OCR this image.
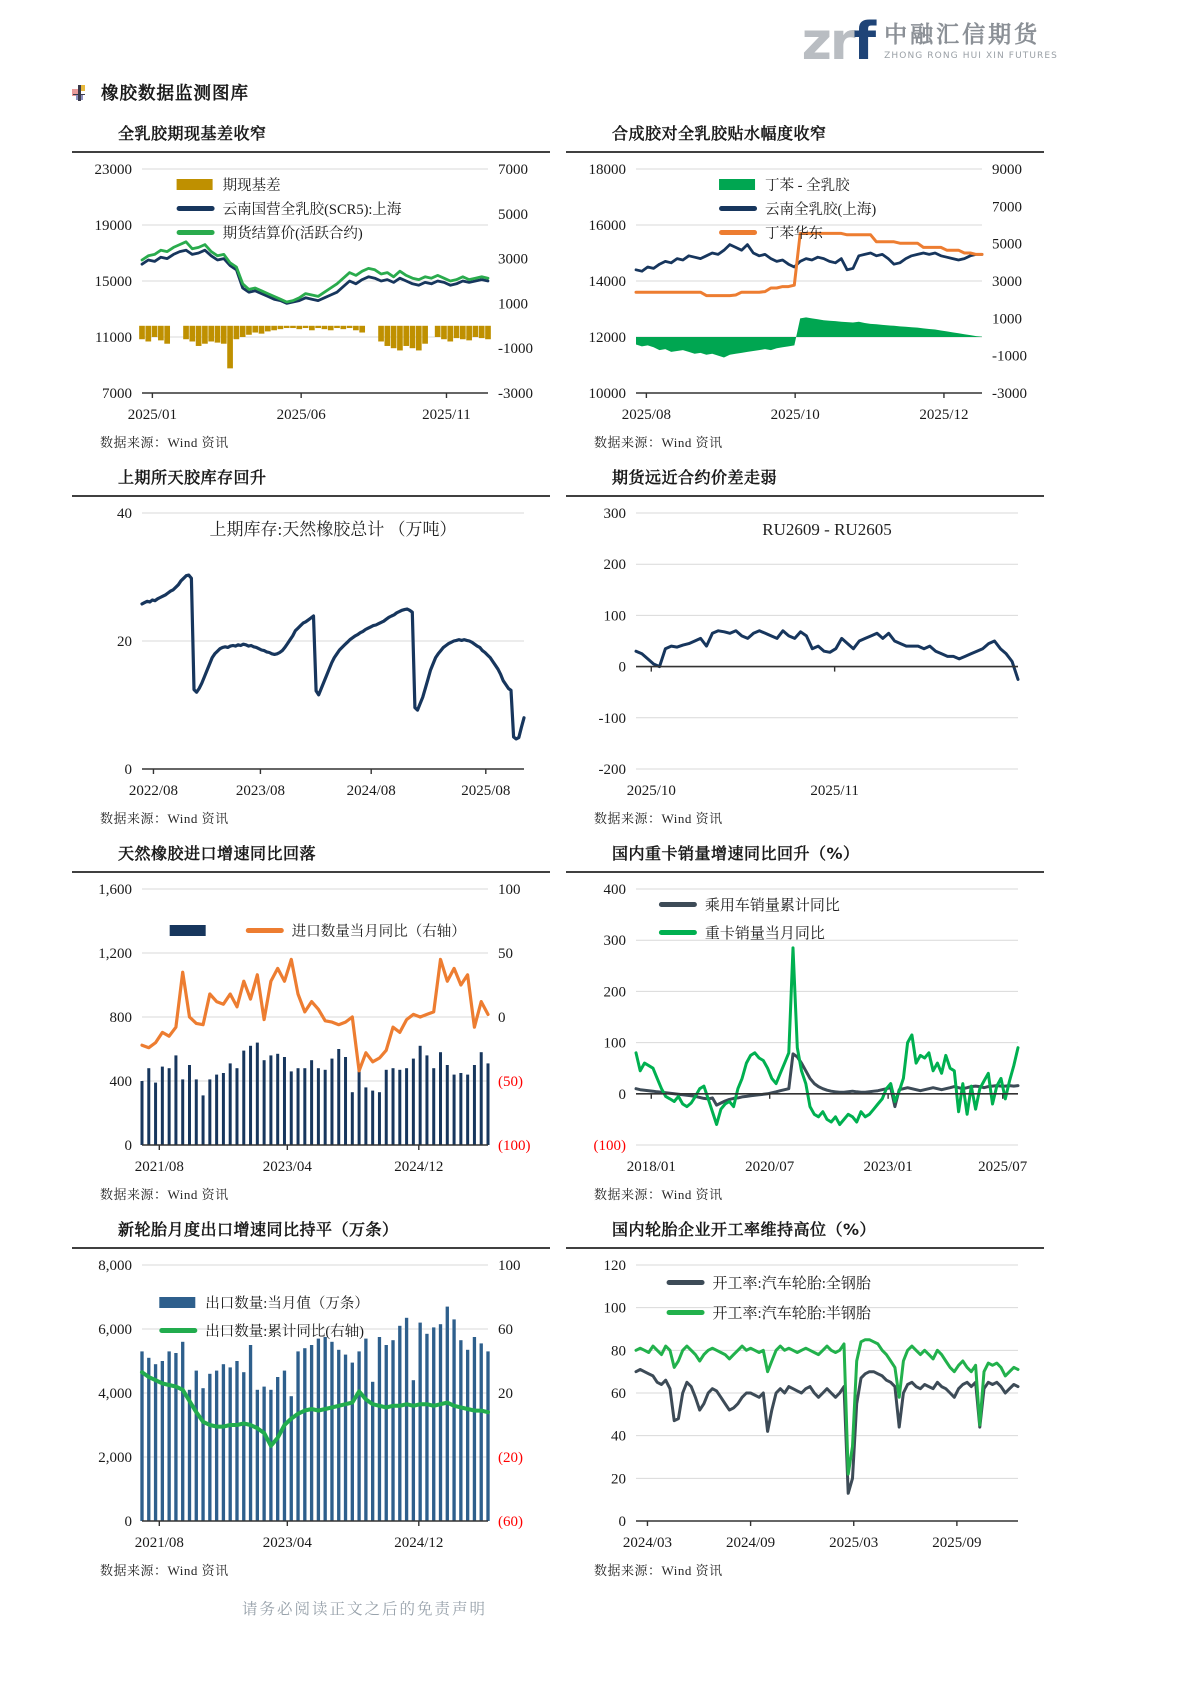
zrf 中融汇信期货
ZHONG RONG HUI XIN FUTURES
橡胶数据监测图库
全乳胶期现基差收窄
23000
19000
15000
11000
7000
7000
5000
3000
1000
-1000
-3000
2025/01	2025/06	2025/11
期现基差
云南国营全乳胶(SCR5):上海
期货结算价(活跃合约)
数据来源：Wind 资讯
合成胶对全乳胶贴水幅度收窄
18000
16000
14000
12000
10000
9000
7000
5000
3000
1000
-1000
-3000
2025/08	2025/10	2025/12
丁苯 - 全乳胶
云南全乳胶(上海)
丁苯华东
数据来源：Wind 资讯
上期所天胶库存回升
40
20
0
2022/08	2023/08	2024/08	2025/08
上期库存:天然橡胶总计 （万吨）
数据来源：Wind 资讯
期货远近合约价差走弱
300
200
100
0
-100
-200
2025/10	2025/11
RU2609 - RU2605
数据来源：Wind 资讯
天然橡胶进口增速同比回落
1,600
1,200
800
400
0
100
50
0
(50)
(100)
2021/08	2023/04	2024/12
进口数量当月同比（右轴）
数据来源：Wind 资讯
国内重卡销量增速同比回升（%）
400
300
200
100
0
(100)
2018/01	2020/07	2023/01	2025/07
乘用车销量累计同比
重卡销量当月同比
数据来源：Wind 资讯
新轮胎月度出口增速同比持平（万条）
8,000
6,000
4,000
2,000
0
100
60
20
(20)
(60)
2021/08	2023/04	2024/12
出口数量:当月值（万条）
出口数量:累计同比(右轴)
数据来源：Wind 资讯
国内轮胎企业开工率维持高位（%）
120
100
80
60
40
20
0
2024/03	2024/09	2025/03	2025/09
开工率:汽车轮胎:全钢胎
开工率:汽车轮胎:半钢胎
数据来源：Wind 资讯
请务必阅读正文之后的免责声明
